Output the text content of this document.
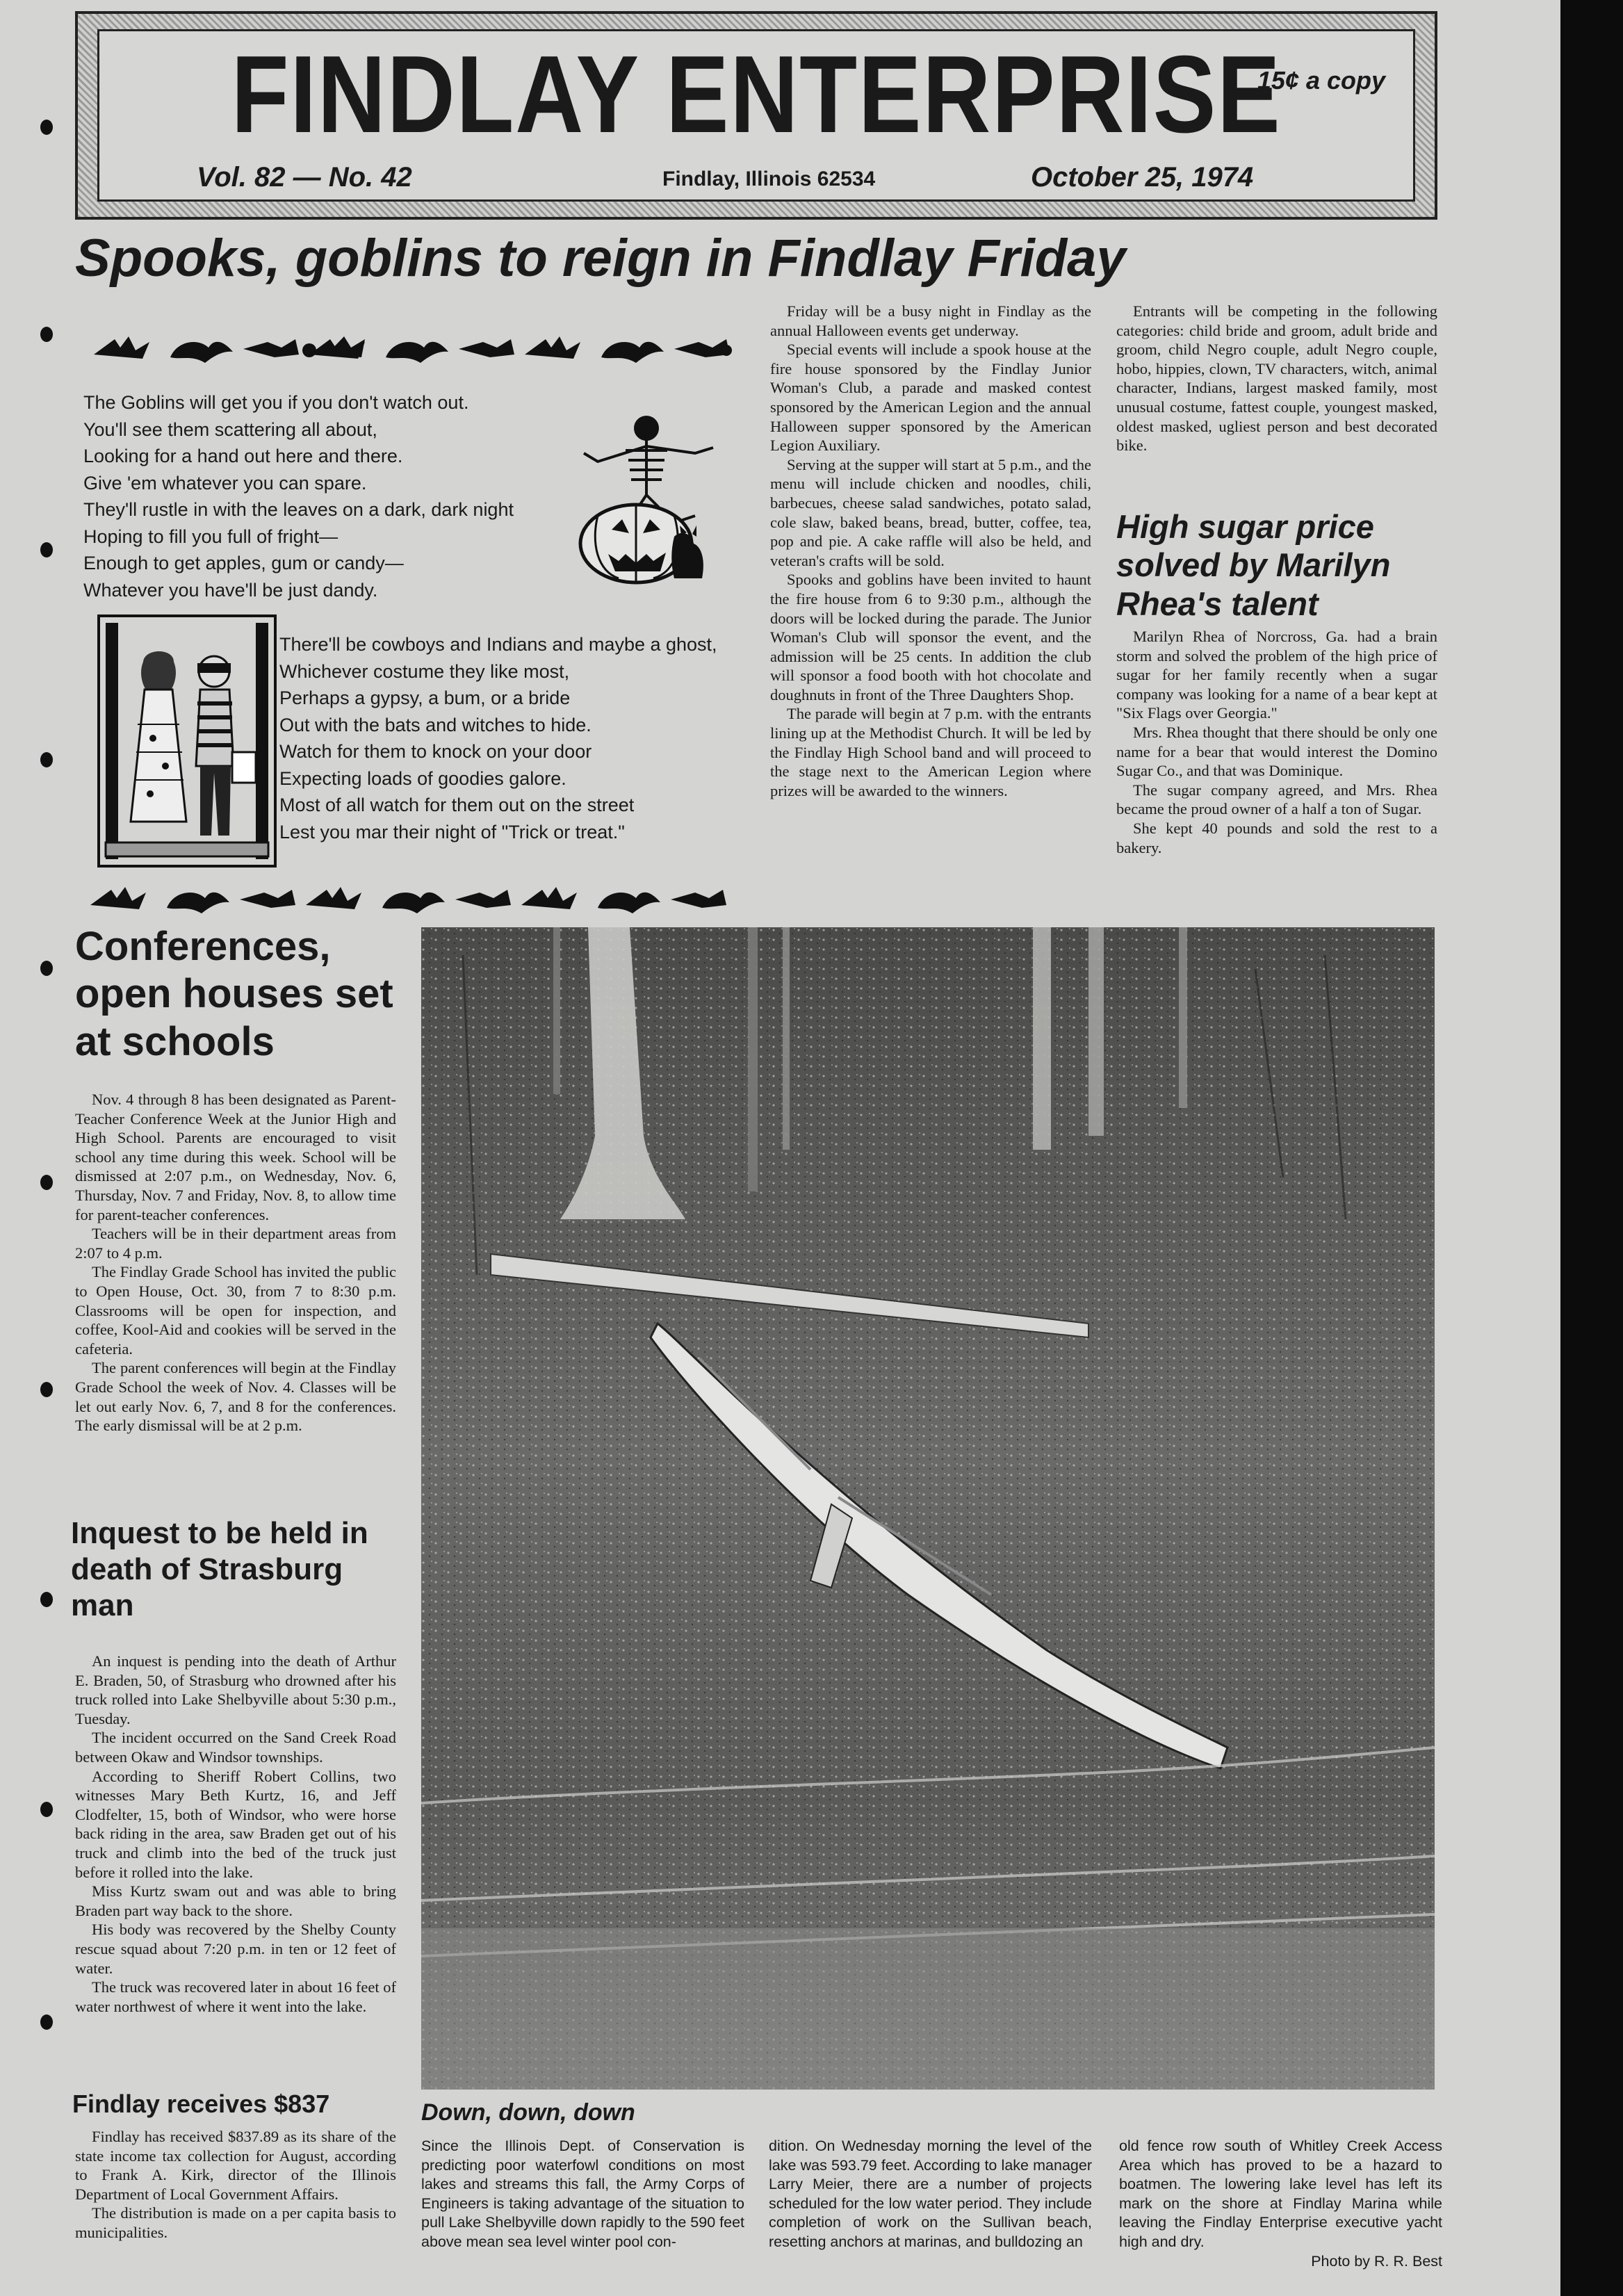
FINDLAY ENTERPRISE
15¢ a copy
Vol. 82 — No. 42	Findlay, Illinois 62534	October 25, 1974
Spooks, goblins to reign in Findlay Friday
The Goblins will get you if you don't watch out.
You'll see them scattering all about,
Looking for a hand out here and there.
Give 'em whatever you can spare.
They'll rustle in with the leaves on a dark, dark night
Hoping to fill you full of fright—
Enough to get apples, gum or candy—
Whatever you have'll be just dandy.
There'll be cowboys and Indians and maybe a ghost,
Whichever costume they like most,
Perhaps a gypsy, a bum, or a bride
Out with the bats and witches to hide.
Watch for them to knock on your door
Expecting loads of goodies galore.
Most of all watch for them out on the street
Lest you mar their night of "Trick or treat."

Friday will be a busy night in Findlay as the annual Halloween events get underway.

Special events will include a spook house at the fire house sponsored by the Findlay Junior Woman's Club, a parade and masked contest sponsored by the American Legion and the annual Halloween supper sponsored by the American Legion Auxiliary.

Serving at the supper will start at 5 p.m., and the menu will include chicken and noodles, chili, barbecues, cheese salad sandwiches, potato salad, cole slaw, baked beans, bread, butter, coffee, tea, pop and pie. A cake raffle will also be held, and veteran's crafts will be sold.

Spooks and goblins have been invited to haunt the fire house from 6 to 9:30 p.m., although the doors will be locked during the parade. The Junior Woman's Club will sponsor the event, and the admission will be 25 cents. In addition the club will sponsor a food booth with hot chocolate and doughnuts in front of the Three Daughters Shop.

The parade will begin at 7 p.m. with the entrants lining up at the Methodist Church. It will be led by the Findlay High School band and will proceed to the stage next to the American Legion where prizes will be awarded to the winners.

Entrants will be competing in the following categories: child bride and groom, adult bride and groom, child Negro couple, adult Negro couple, hobo, hippies, clown, TV characters, witch, animal character, Indians, largest masked family, most unusual costume, fattest couple, youngest masked, oldest masked, ugliest person and best decorated bike.

High sugar price solved by Marilyn Rhea's talent

Marilyn Rhea of Norcross, Ga. had a brain storm and solved the problem of the high price of sugar for her family recently when a sugar company was looking for a name of a bear kept at "Six Flags over Georgia."

Mrs. Rhea thought that there should be only one name for a bear that would interest the Domino Sugar Co., and that was Dominique.

The sugar company agreed, and Mrs. Rhea became the proud owner of a half a ton of Sugar.

She kept 40 pounds and sold the rest to a bakery.

Conferences, open houses set at schools

Nov. 4 through 8 has been designated as Parent-Teacher Conference Week at the Junior High and High School. Parents are encouraged to visit school any time during this week. School will be dismissed at 2:07 p.m., on Wednesday, Nov. 6, Thursday, Nov. 7 and Friday, Nov. 8, to allow time for parent-teacher conferences.

Teachers will be in their department areas from 2:07 to 4 p.m.

The Findlay Grade School has invited the public to Open House, Oct. 30, from 7 to 8:30 p.m. Classrooms will be open for inspection, and coffee, Kool-Aid and cookies will be served in the cafeteria.

The parent conferences will begin at the Findlay Grade School the week of Nov. 4. Classes will be let out early Nov. 6, 7, and 8 for the conferences. The early dismissal will be at 2 p.m.

Inquest to be held in death of Strasburg man

An inquest is pending into the death of Arthur E. Braden, 50, of Strasburg who drowned after his truck rolled into Lake Shelbyville about 5:30 p.m., Tuesday.

The incident occurred on the Sand Creek Road between Okaw and Windsor townships.

According to Sheriff Robert Collins, two witnesses Mary Beth Kurtz, 16, and Jeff Clodfelter, 15, both of Windsor, who were horse back riding in the area, saw Braden get out of his truck and climb into the bed of the truck just before it rolled into the lake.

Miss Kurtz swam out and was able to bring Braden part way back to the shore.

His body was recovered by the Shelby County rescue squad about 7:20 p.m. in ten or 12 feet of water.

The truck was recovered later in about 16 feet of water northwest of where it went into the lake.

Findlay receives $837

Findlay has received $837.89 as its share of the state income tax collection for August, according to Frank A. Kirk, director of the Illinois Department of Local Government Affairs.

The distribution is made on a per capita basis to municipalities.

Down, down, down
Since the Illinois Dept. of Conservation is predicting poor waterfowl conditions on most lakes and streams this fall, the Army Corps of Engineers is taking advantage of the situation to pull Lake Shelbyville down rapidly to the 590 feet above mean sea level winter pool con-
dition. On Wednesday morning the level of the lake was 593.79 feet. According to lake manager Larry Meier, there are a number of projects scheduled for the low water period. They include completion of work on the Sullivan beach, resetting anchors at marinas, and bulldozing an
old fence row south of Whitley Creek Access Area which has proved to be a hazard to boatmen. The lowering lake level has left its mark on the shore at Findlay Marina while leaving the Findlay Enterprise executive yacht high and dry.
Photo by R. R. Best
